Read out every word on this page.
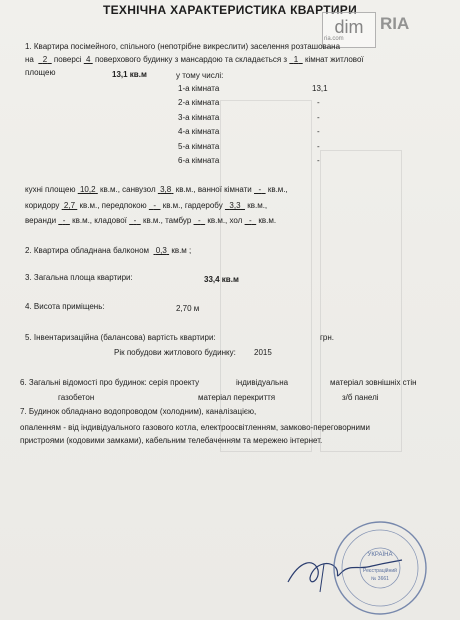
ТЕХНІЧНА ХАРАКТЕРИСТИКА КВАРТИРИ
dim
ria.com
RIA
1. Квартира посімейного, спільного (непотрібне викреслити) заселення розташована
на 2 поверсі 4 поверхового будинку з мансардою та складається з 1 кімнат житлової
площею	13,1 кв.м	у тому числі:
1-а кімната	13,1
2-а кімната	-
3-а кімната	-
4-а кімната	-
5-а кімната	-
6-а кімната	-
кухні площею 10,2 кв.м., санвузол 3,8 кв.м., ванної кімнати - кв.м.,
коридору 2,7 кв.м., передпокою - кв.м., гардеробу 3,3 кв.м.,
веранди - кв.м., кладової - кв.м., тамбур - кв.м., хол - кв.м.
2. Квартира обладнана балконом 0,3 кв.м ;
3. Загальна площа квартири:	33,4 кв.м
4. Висота приміщень:	2,70 м
5. Інвентаризаційна (балансова) вартість квартири:	грн.
Рік побудови житлового будинку: 2015
6. Загальні відомості про будинок: серія проекту	індивідуальна	матеріал зовнішніх стін
газобетон	матеріал перекриття	з/б панелі
7. Будинок обладнано водопроводом (холодним), каналізацією,
опаленням - від індивідуального газового котла, електроосвітленням, замково-переговорними
пристроями (кодовими замками), кабельним телебаченням та мережею інтернет.
УКРАЇНА
Реєстраційний
№ 3661
